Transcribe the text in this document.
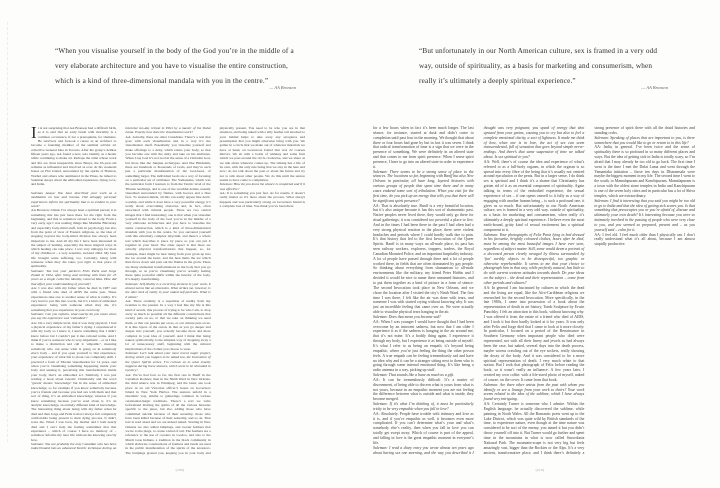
“When you visualise yourself in the body of the God you’re in the middle of a very elaborate architecture and you have to visualise the entire construction, which is a kind of three-dimensional mandala with you in the centre.”
— AA Bronson

It is not surprising that AA Bronson had a difficult birth, as it is said that an early brush with mortality is a common occurrence, if not a prerequisite, for shamans. He survived, and forsook a career as an architect to become a founding member of the seminal activist art collective General Idea in Toronto. After the group’s demise fifteen years ago, AA found a new, solo identity as a healer while continuing to make art. Perhaps the artist whose work and life are most inseparable since Beuys, the 65-year-old remains as influential and involved as ever. At his weekend house on Fire Island, surrounded by the spirits of Halston, Warhol and others who summered in the Pines, he talked to Suleman Anaya about the embodied experience, dying, love, and India.

Suleman Anaya: You have described your work as a meditation on loss and trauma. Did unhappy personal experiences inform the spirituality that is so evident in your work?

AA Bronson: I think I’ve always been a spiritual person; it is something that has just been there for me right from the beginning, and that is somehow related to the body. From a very early age I was reading things like Madame Blavatsky and especially body-mind stuff, both in psychology but also from the point of view of Eastern religions, so the idea of stepping beyond the body-mind division has always been important to me. And all my life I have been interested in the subject of healing, especially the more magical ways in which healing can take place. I was very unhappy for most of my childhood – a very sensitive, isolated child. My later life brought some suffering, too. Certainly, being with someone when they die takes you right to that place of spirituality.

Suleman: You lost your partners Felix Partz and Jorge Zontal in 1994, after living and working with them for 25 years as a single collective identity, General Idea. How did that affect your understanding of yourself?

AA: I was also with my father when he died in 1987 and with a friend who died of AIDS the same year. These experiences take one to another sense of what is reality. It’s very hard to put this into words, but it’s a kind of embodied experience: being with someone when they die, it’s something that you experience in your own body.

Suleman: Can you explain, what exactly do you mean when you say the experience was ‘embodied’?

AA: On a very simple level, that it was truly physical. I had a physical experience of my father’s dying. I experienced it with my body so I knew it, I knew something that I didn’t know before but I couldn’t put it into rational terms. And I think if you’re someone who is very empathetic – or as I like to make a distinction and call it ‘empathic’, meaning somebody who can sense what is going on in somebody else’s body – and if you open yourself to that experience, your experience of what life is about can completely shift. I practiced a form of Tibetan visualisation for 14 years, and when you’re visualising something happening inside your body and sensing it, perceiving this transformation inside your body, that’s an embodied act. Similarly, I was just reading a book about Gnostic Christianity and the word ‘gnosis’ means ‘knowledge’ but in the sense of embodied knowledge; so for example if you know somebody because you’re friends and because you had sex with them and that sort of thing, it’s an embodied knowledge; whereas if you know something because you’ve read about it, it’s an analytic knowledge, an entirely different kind of knowledge. The interesting thing about being with my father when he died and then Jorge and Felix is that I always felt completely comfortable being present to their dying process. It didn’t scare me. When I was born, my mother and I both nearly died and I can’t help the feeling sometimes that that experience – which of course I have no memory of – somehow informs my later life without me knowing exactly how.

Suleman: You are probably the only Canadian who has been indoctrinated into an advanced Tantric technique during an intensive ten-day retreat in Tibet by a master of the Dalai Lama. Exactly how does the visualisation work?

AA: Actually, there are other Canadians. There’s a text that goes with each visualisation and in a way it’s the visualisation itself. Essentially you visualise yourself and make offerings to a deity, which enters your body, so that you become one with the deity and take on his attributes. When I say God it’s not God in the sense of a Christian God, but more like the Jungian archetypes. And like Hinduism, there are hundreds or thousands of Gods, and they’re each just a particular manifestation of the God-head, of something larger. The individual Gods are a way of focusing on a particular set of attributes. The Yamantaka, which was the particular form I learned, is from the Tantric level of the Tibetan teachings, and is one of the wrathful deities, usually visualised surrounded by flames, with hooves and a blue face. To western minds, all this can easily appear like devil-worship, and while it does have a very powerful energy, it’s really about overcoming obstacles and, in fact, often associated with cultural people. There are two central images that I find interesting; one is that when you visualise yourself in the body of the God you’re in the middle of a very elaborate architecture and you have to visualise the entire construction, which is a kind of three-dimensional mandala with you in the centre. So you surround yourself with this extremely complex labyrinth, and there’s a whole text which describes it piece by piece so you can put it together in your head. The other aspect is that there are actually physical transformations that happen, so, for example, there might be heat rising from your groin up into the ice around the heart, and the heat melts the ice which then flows down and puts out the flames in the groin. There are many elemental transformations in the body that you go through, so as you’re visualising you’re actually feeling these quite powerful shifts within the interior of the body. It’s deeply transforming.

Suleman: Self-Nudity is a recurring element in your work, it almost seems like an obsession. What strikes me, however, is the utter lack of vanity in your naked self-portraits. What is it about?

AA: There certainly is a repetition of nudity from my twenties to the present. In a way I feel like my life is this kind of search, this process of trying to be who I am, to drop away as much as possible all the different constrictions that society puts on us, or that we take on thinking we need them, or that our parents put on us, or our culture puts on us. It is like layers of the onion, in that as you go deeper and deeper into yourself, you actually become more and more complex in your idea of yourself. And I think that being naked, symbolically, is the simplest way of dropping away a lot of unnecessary stuff, beginning with the cultural implications of the clothes you choose to wear.

Suleman: Let’s talk about your most recent major project, during which you happen to be naked too, the Invocation of the Queer Spirits series. I’m curious as to what exactly happens during these séances, which seem to be shrouded in mystery?

AA: We’ve had four so far, the first one in Banff in the Canadian Rockies; then in the Ninth Ward in New Orleans, the third séance was in Winnipeg; and the latest one took place in an old Victorian officer’s house on Governors Island in New York Harbor. The séances unfold in a ritualistic way, similar to gatherings common in various ceremonial-magic traditions. There’s a text we write beforehand inviting the spirits of all the various histories specific to the place, but also adding those who have committed suicide because of their sexuality, those who have been killed because of their sexuality, and so on. That text is read aloud and we are indeed naked. Starting in New Orleans we also added buttplugs, and rooster feathers that we tie to the plugs, to create a kind of tail. The feathers are a reference to the use of roosters in voodoo, and also to the Mardi Gras Indians, a tradition in the black community in which elaborate constructions of feathers and beads are used in the public manifestation of the spirits of the ancestors. The buttplugs ground you, keeping you in your body and physically present. You need to be who you are in that situation, and being naked with a silly feather tail attached to your behind helps to take away any arrogance and presumption that you might otherwise bring with you. We gather in a circle that we make out of whatever materials we have at hand, on Governors Island that was 22 courses mirrors. We sit with a bottle of whiskey and some fruit which we pass around the circle clockwise, and we share as we talk about whatever comes up. The talking has a life of its own, with the only rule being that we stay in the here and now; do not talk about the past or about the future and try not to talk about other people. We do this until the séance seems to have come to completion.

Suleman: How do you know the séance is completed and if it was effective?

AA: It is something you just feel. As for results, it doesn’t really matter as it’s more about the process. What always happens and was particularly strong on Governors Island is a complete loss of time. You think you’ve been there

(209)
“But unfortunately in our North American culture, sex is framed in a very odd way, outside of spirituality, as a basis for marketing and consumerism, when really it’s ultimately a deeply spiritual experience.”
— AA Bronson

for a few hours when in fact it’s been much longer. The last séance, for instance, started at dusk and didn’t come to completion until past four in the morning. We thought that about three or four hours had gone by but in fact it was seven. I think that radical transformation of time is a sign that we were in the presence of something. We were definitely in an altered state and that comes to me from spirit presence. When I sense spirit presence, I have to go into an altered state in order to experience it.

Suleman: There seems to be a strong sense of place to the séances. The locations so far, beginning with Banff but also New Orleans in particular, all have long, layered histories with various groups of people that spent time there and in many cases endured some sort of tribulation. When you visit for the first time, do you pick up an energy that tells you that there will be significant spirit presence?

AA: That is absolutely true. Banff is a very beautiful location, but it’s also unique because it has this sort of shamanistic past. Native peoples never lived there, they would only go there for ritual gatherings; it was considered too powerful a place to live. And in the times I had been there in the past I had often had a very strong physical reaction to the place; there were violent headaches and periods where I could hardly walk due to pain. It’s that history that led to the first Invocation of the Queer Spirits. Banff is in many ways an all-male place, its past has seen railway workers, explorers, trappers, traders, the Royal Canadian Mounted Police, and an important hospitality industry. A lot of people have passed through there and a lot of people worked there, in fields that are often dominated by gay people. So thinking about everything from shamanism to all-male environments like the military, my friend Peter Hobbs and I decided it would be nice to name these unnamed histories, and to put them together as a kind of picture in a form of séance. The second Invocation took place in New Orleans, and we chose the location after I visited the city’s Ninth Ward. The first time I was there, I felt like the air was done with tears, and someone I was with started crying without knowing why. It was just an incredible feeling that came over us. We were actually able to visualise physical tears hanging in the air.

Suleman: Does that mean you became sad?

AA: When I was younger I would have thought that I had been overcome by an innocent sadness, but now that I am older I experience it as if the sadness is hanging in the air around me, that it’s not mine. It’s a bodily thing again, I experience it through my body, but I experience it as being outside of myself. It’s what I refer to as being an empath, it’s beyond being empathic, where you’re just feeling the thing the other person feels. A true empath can be feeling tremendously sad and have no idea why and it can be a stranger sitting next to them who is going through some internal emotional thing. It’s like being a radio antenna in a way, picking up stuff.

Suleman: That sounds like a bane as much as a gift.

AA: It can be tremendously difficult. It’s a matter of discernment, of being able to discern what is yours from what is not yours, because in an empathic moment you are not feeling the difference between what is outside and what is inside, they become merged.

Suleman: If it’s what I’m thinking of, it must be particularly tricky to be very empathic when you fall in love?

AA: Absolutely. People have trouble with intimacy and love as it is, and if you’re empathic as well, it becomes even more complicated. If you can’t determine what’s your and what’s somebody else’s reality, then when you fall in love you can totally get swept away. Which of course is part of the appeal, and falling in love is the great empathic moment in everyone’s life.

Suleman: I read a diary entry you wrote almost ten years ago about having sex one morning, and the way you described it I thought was very poignant; you speak of energy that shot upward from your groins, causing you to cry but also to feel a complete emotional clarity, a sort of lightness. It made me think of how, when one is in love, the act of sex can seem transcendental, full of sensation that goes beyond simple nerve-endings. And there’s that same suspension of time we talked about. Is sex spiritual to you?

AA: Well, there’s of course the idea and experience of what’s referred to as a full-body orgasm, in which the orgasm is so spread into every fibre of the being that it’s usually not centred around ejaculation or the penis. But in a larger sense, I do think sex is spiritual and I think it’s a shame that Christianity has gotten rid of it as an essential component of spirituality. Again talking in terms of the embodied experience, the sexual experience of sex – if one opens oneself to it fully as a way of engaging with another human being – is such a profound one, it gives us so much. But unfortunately in our North American culture, sex is framed in a very odd way, outside of spirituality, as a basis for marketing and consumerism, when really it’s ultimately a deeply spiritual experience. I believe even the most earth-bound, gritty kind of sexual excitement has a spiritual component to it.

Suleman: Your photographs of Felix Partz lying in bed dressed in his favourite, brightly coloured clothes, hours after he died, must be among the most beautiful images I have ever seen, regardless of subject matter. Still, some would deem a portrait of a deceased person clearly ravaged by illness surrounded by ‘fun’ earthly objects to be disrespectful, too graphic or otherwise reprehensible. It seems to me that your choice to photograph him in that way, while perfectly natural, has little to do with current western attitudes towards death. Do your ideas on the subject – the dead and their representation – come from other periods and cultures?

AA: In general I am fascinated by cultures in which the dead and the living are equal, like the Afro-Caribbean religions we researched for the second Invocation. More specifically, in the late 1980s, I came into possession of a book about the representation of death in art history, Tomb Sculpture by Erwin Panofsky. I felt an attraction to this book, without knowing why. I was offered it from the estate of a friend who died of AIDS, and I took it but then hardly looked at it for years. It was only after Felix and Jorge died that I came to look at it more closely. In particular, I focused on a period of the Renaissance in Southern Germany when important people who died were represented, not with all their finery and jewels as had always been the case, but naked, several days into the death process, maybe worms crawling out of the eye sockets, really showing the decay of the body. And it was considered to be a more spiritual representation of death. I very much relate to that notion. But I took that photograph of Felix before reading the book, so it wasn’t really an influence. A few years later, I created my own coffin: with a life-sized photo of myself, naked of course, on the cover. It came from that book.

Suleman: Are there other artists from the past with whom you identify or see a lineage from your work to theirs? Your work seems related to the idea of the sublime, which I have always found very intriguing.

AA: Certainly Turner is someone who I admire. Within the English language, he actually discovered the sublime, while painting in North Wales. All the Romantic poets went up to the Lake District, which was quite wild by British standards of the time, to experience nature, even though at the time nature was considered to be sort of the enemy, you tamed it but you didn’t throw yourself off into it. But Turner would go further and spent time in the mountains in what is now called Snowdonia National Park. The mountain-scape is not very big but feels amazingly vast, bigger than the Rockies or the Alps. It’s a very ancient, transformative place, and I think there’s definitely a strong presence of spirit there with all the druid histories and standing rocks.

Suleman: Speaking of places that are important to you, is there somewhere that you would like to go or return to in this life?

AA: India, in general. I’ve been twice and the sense of spirituality there is so profound in so many different places and ways. But the idea of getting sick in India is totally scary, so I’m afraid that I may already be too old to go back. The first time I went is the time I met the Dalai Lama and went through the Yamantaka initiation – those ten days in Dharamsala were maybe the biggest moment in my life. The second time I went to the south, to Mamalapuram and Kanchipuram. Mamalapuram is a town with the oldest stone temples in India and Kanchipuram is one of the seven holy cities and in particular has a lot of Shiva temples, which are extraordinary.

Suleman: I find it interesting that you said you might be too old to go to India and that the idea of getting sick scares you. Is that something that preoccupies you or you’re afraid of, disease and ultimately your own death? It’s interesting because you were so intimately involved in the passing of people who were very close to you, and you seemed so prepared, present and – as you yourself said – calm for it.

AA: I feel old. I feel much older than I physically am. I don’t really understand what it’s all about, because I am almost stupidly productive.

(210)
